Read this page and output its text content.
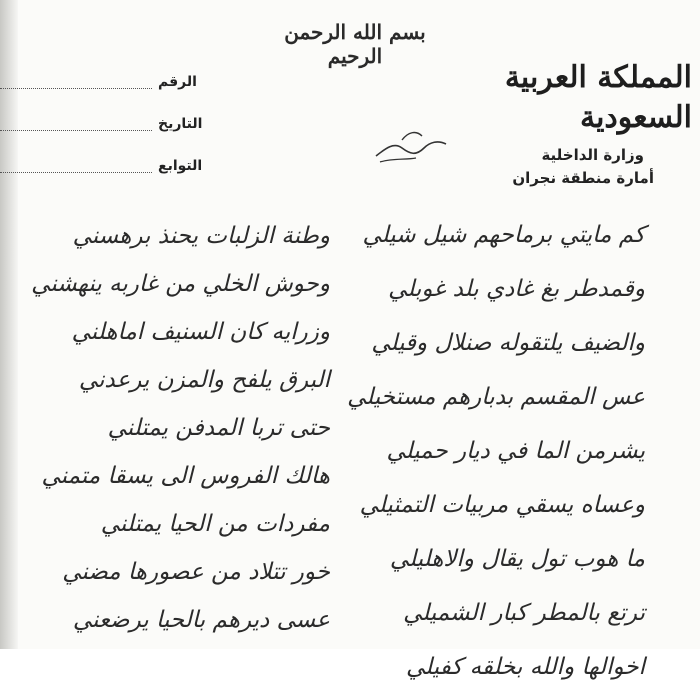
بسم الله الرحمن الرحيم
المملكة العربية السعودية
وزارة الداخلية
أمارة منطقة نجران
الرقم
التاريخ
التوابع
كم مايتي برماحهم شيل شيلي
وقمدطر بغ غادي بلد غوبلي
والضيف يلتقوله صنلال وقيلي
عس المقسم بدبارهم مستخيلي
يشرمن الما في ديار حميلي
وعساه يسقي مربيات التمثيلي
ما هوب تول يقال والاهليلي
ترتع بالمطر كبار الشميلي
اخوالها والله بخلقه كفيلي
وطنة الزلبات يحنذ برهسني
وحوش الخلي من غاربه ينهشني
وزرايه كان السنيف اماهلني
البرق يلفح والمزن يرعدني
حتى تربا المدفن يمتلني
هالك الفروس الى يسقا متمني
مفردات من الحيا يمتلني
خور تتلاد من عصورها مضني
عسى ديرهم بالحيا يرضعني
